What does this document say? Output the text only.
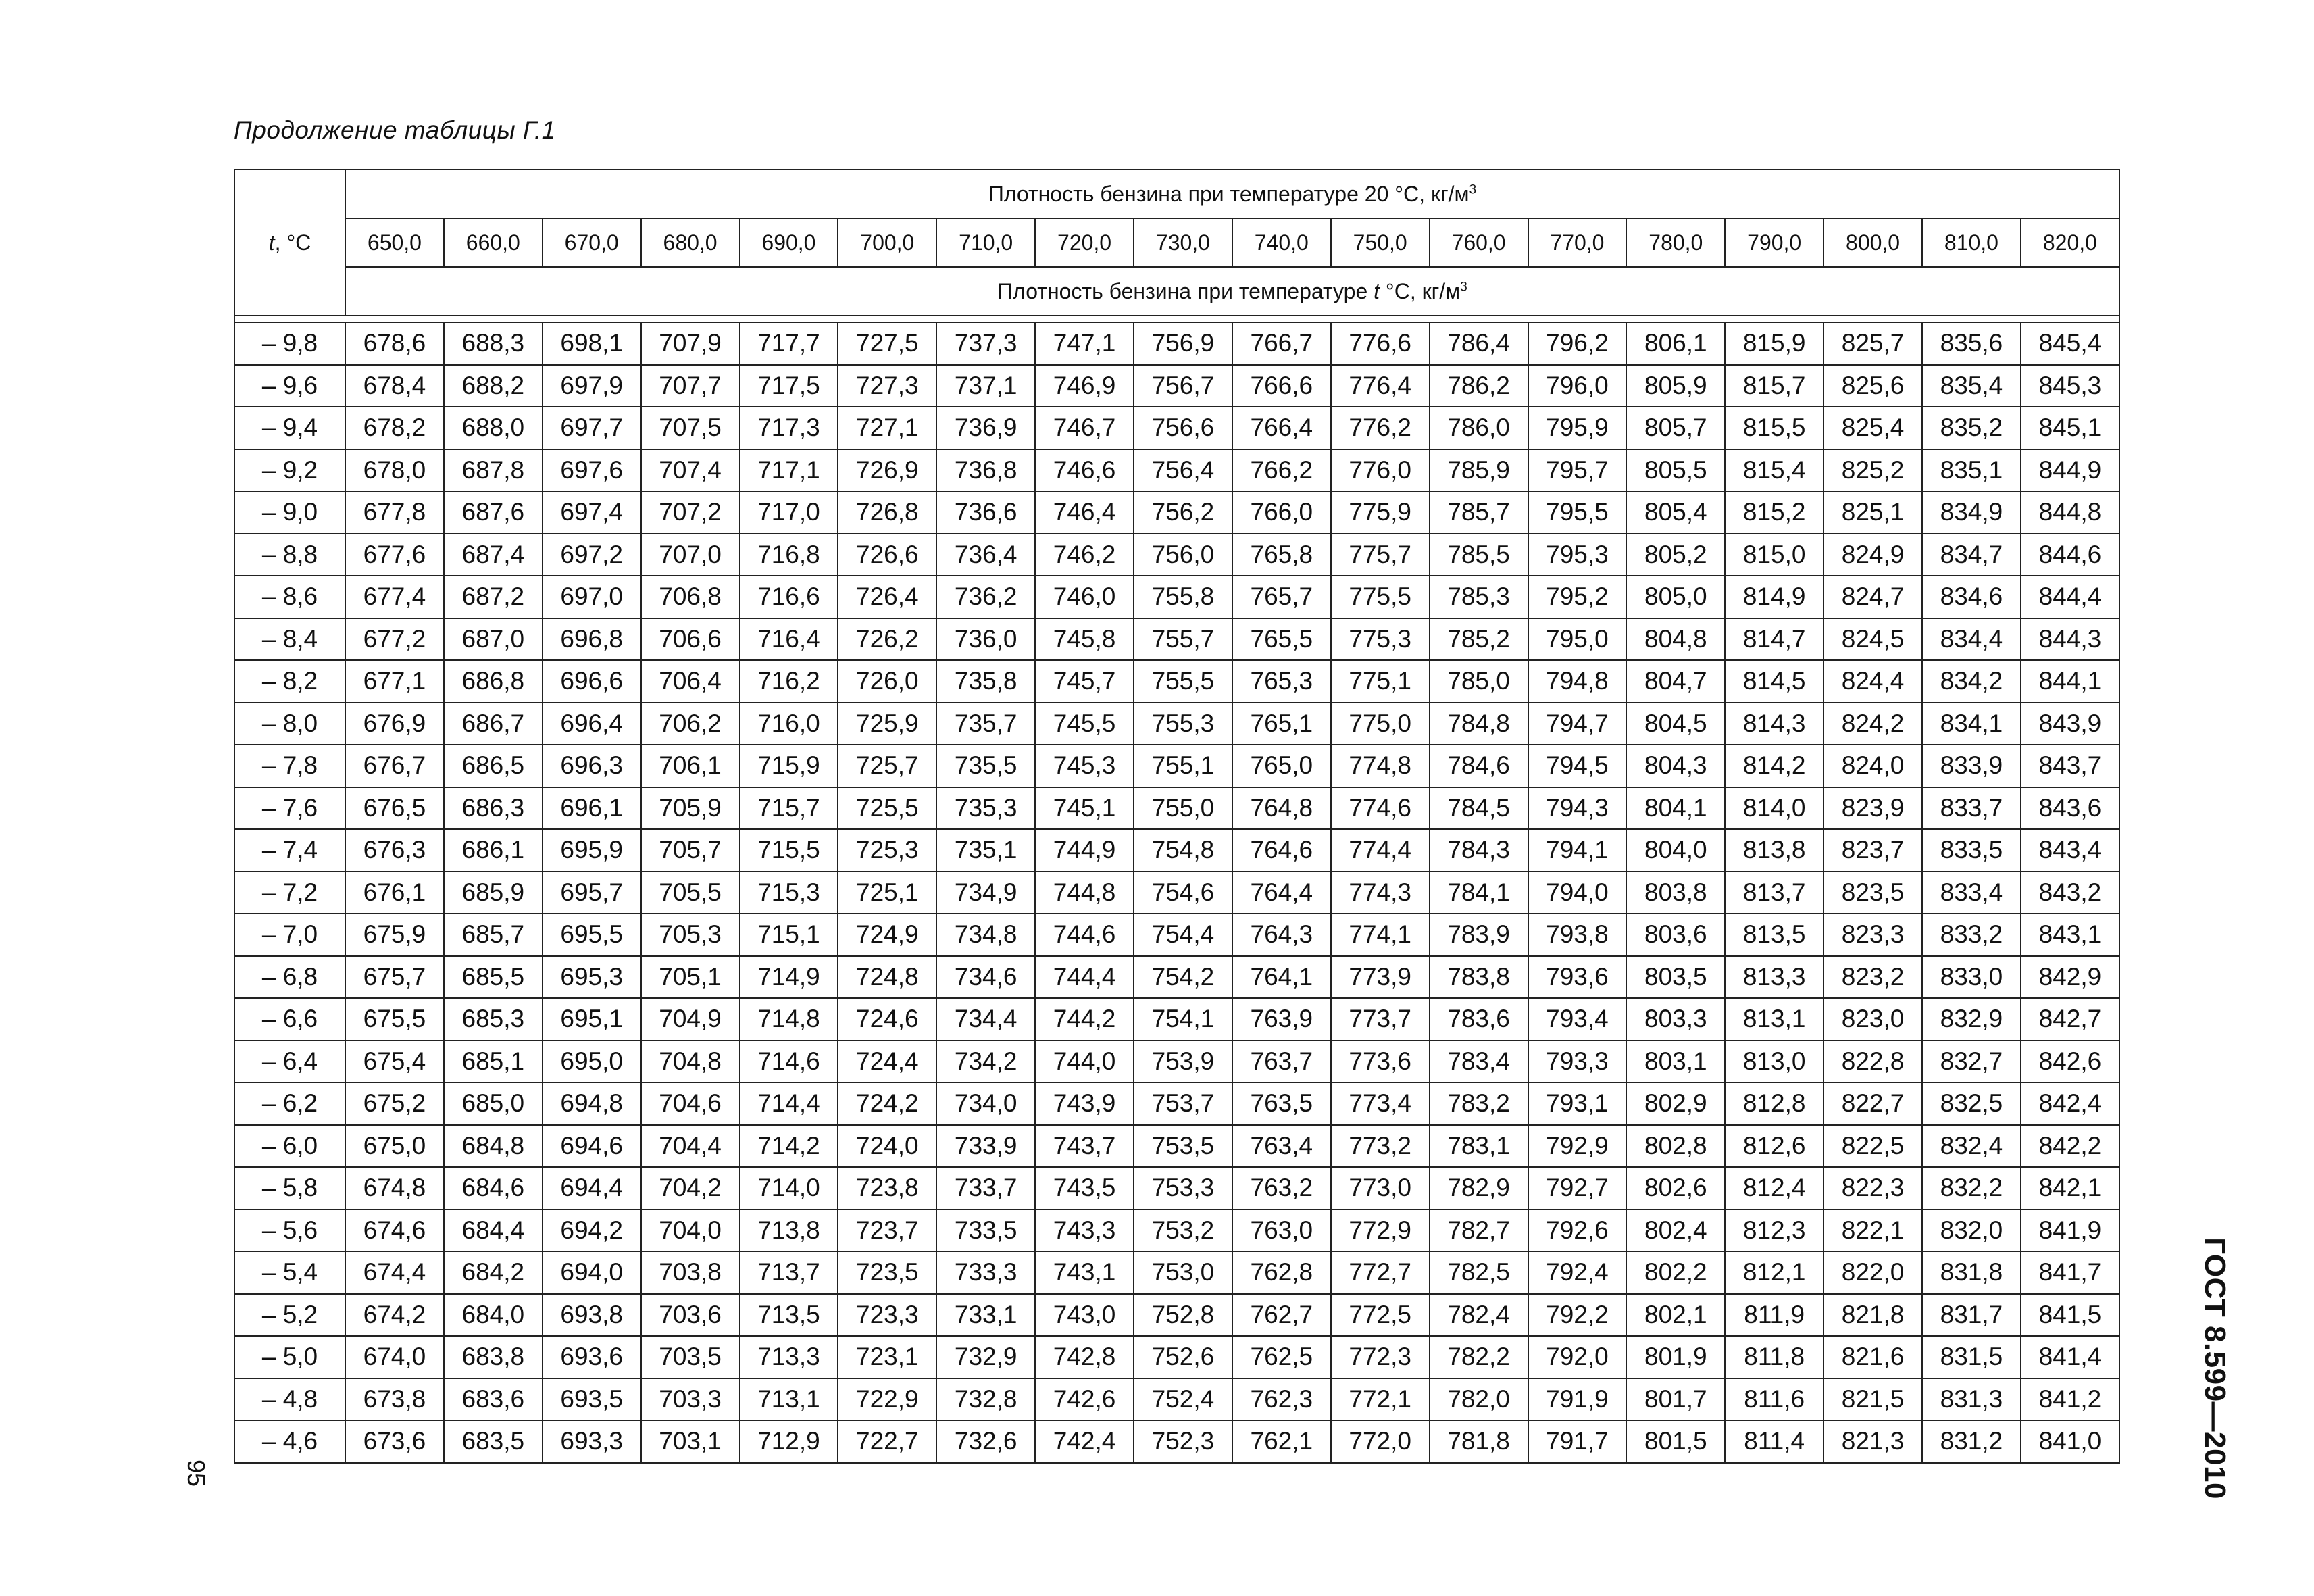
Продолжение таблицы Г.1
t, °C	Плотность бензина при температуре 20 °C, $кг/м^3$
	650,0	660,0	670,0	680,0	690,0	700,0	710,0	720,0	730,0	740,0	750,0	760,0	770,0	780,0	790,0	800,0	810,0	820,0
	Плотность бензина при температуре t °C, $кг/м^3$

– 9,8	678,6	688,3	698,1	707,9	717,7	727,5	737,3	747,1	756,9	766,7	776,6	786,4	796,2	806,1	815,9	825,7	835,6	845,4
– 9,6	678,4	688,2	697,9	707,7	717,5	727,3	737,1	746,9	756,7	766,6	776,4	786,2	796,0	805,9	815,7	825,6	835,4	845,3
– 9,4	678,2	688,0	697,7	707,5	717,3	727,1	736,9	746,7	756,6	766,4	776,2	786,0	795,9	805,7	815,5	825,4	835,2	845,1
– 9,2	678,0	687,8	697,6	707,4	717,1	726,9	736,8	746,6	756,4	766,2	776,0	785,9	795,7	805,5	815,4	825,2	835,1	844,9
– 9,0	677,8	687,6	697,4	707,2	717,0	726,8	736,6	746,4	756,2	766,0	775,9	785,7	795,5	805,4	815,2	825,1	834,9	844,8
– 8,8	677,6	687,4	697,2	707,0	716,8	726,6	736,4	746,2	756,0	765,8	775,7	785,5	795,3	805,2	815,0	824,9	834,7	844,6
– 8,6	677,4	687,2	697,0	706,8	716,6	726,4	736,2	746,0	755,8	765,7	775,5	785,3	795,2	805,0	814,9	824,7	834,6	844,4
– 8,4	677,2	687,0	696,8	706,6	716,4	726,2	736,0	745,8	755,7	765,5	775,3	785,2	795,0	804,8	814,7	824,5	834,4	844,3
– 8,2	677,1	686,8	696,6	706,4	716,2	726,0	735,8	745,7	755,5	765,3	775,1	785,0	794,8	804,7	814,5	824,4	834,2	844,1
– 8,0	676,9	686,7	696,4	706,2	716,0	725,9	735,7	745,5	755,3	765,1	775,0	784,8	794,7	804,5	814,3	824,2	834,1	843,9
– 7,8	676,7	686,5	696,3	706,1	715,9	725,7	735,5	745,3	755,1	765,0	774,8	784,6	794,5	804,3	814,2	824,0	833,9	843,7
– 7,6	676,5	686,3	696,1	705,9	715,7	725,5	735,3	745,1	755,0	764,8	774,6	784,5	794,3	804,1	814,0	823,9	833,7	843,6
– 7,4	676,3	686,1	695,9	705,7	715,5	725,3	735,1	744,9	754,8	764,6	774,4	784,3	794,1	804,0	813,8	823,7	833,5	843,4
– 7,2	676,1	685,9	695,7	705,5	715,3	725,1	734,9	744,8	754,6	764,4	774,3	784,1	794,0	803,8	813,7	823,5	833,4	843,2
– 7,0	675,9	685,7	695,5	705,3	715,1	724,9	734,8	744,6	754,4	764,3	774,1	783,9	793,8	803,6	813,5	823,3	833,2	843,1
– 6,8	675,7	685,5	695,3	705,1	714,9	724,8	734,6	744,4	754,2	764,1	773,9	783,8	793,6	803,5	813,3	823,2	833,0	842,9
– 6,6	675,5	685,3	695,1	704,9	714,8	724,6	734,4	744,2	754,1	763,9	773,7	783,6	793,4	803,3	813,1	823,0	832,9	842,7
– 6,4	675,4	685,1	695,0	704,8	714,6	724,4	734,2	744,0	753,9	763,7	773,6	783,4	793,3	803,1	813,0	822,8	832,7	842,6
– 6,2	675,2	685,0	694,8	704,6	714,4	724,2	734,0	743,9	753,7	763,5	773,4	783,2	793,1	802,9	812,8	822,7	832,5	842,4
– 6,0	675,0	684,8	694,6	704,4	714,2	724,0	733,9	743,7	753,5	763,4	773,2	783,1	792,9	802,8	812,6	822,5	832,4	842,2
– 5,8	674,8	684,6	694,4	704,2	714,0	723,8	733,7	743,5	753,3	763,2	773,0	782,9	792,7	802,6	812,4	822,3	832,2	842,1
– 5,6	674,6	684,4	694,2	704,0	713,8	723,7	733,5	743,3	753,2	763,0	772,9	782,7	792,6	802,4	812,3	822,1	832,0	841,9
– 5,4	674,4	684,2	694,0	703,8	713,7	723,5	733,3	743,1	753,0	762,8	772,7	782,5	792,4	802,2	812,1	822,0	831,8	841,7
– 5,2	674,2	684,0	693,8	703,6	713,5	723,3	733,1	743,0	752,8	762,7	772,5	782,4	792,2	802,1	811,9	821,8	831,7	841,5
– 5,0	674,0	683,8	693,6	703,5	713,3	723,1	732,9	742,8	752,6	762,5	772,3	782,2	792,0	801,9	811,8	821,6	831,5	841,4
– 4,8	673,8	683,6	693,5	703,3	713,1	722,9	732,8	742,6	752,4	762,3	772,1	782,0	791,9	801,7	811,6	821,5	831,3	841,2
– 4,6	673,6	683,5	693,3	703,1	712,9	722,7	732,6	742,4	752,3	762,1	772,0	781,8	791,7	801,5	811,4	821,3	831,2	841,0	ГОСТ 8.599—2010
95
